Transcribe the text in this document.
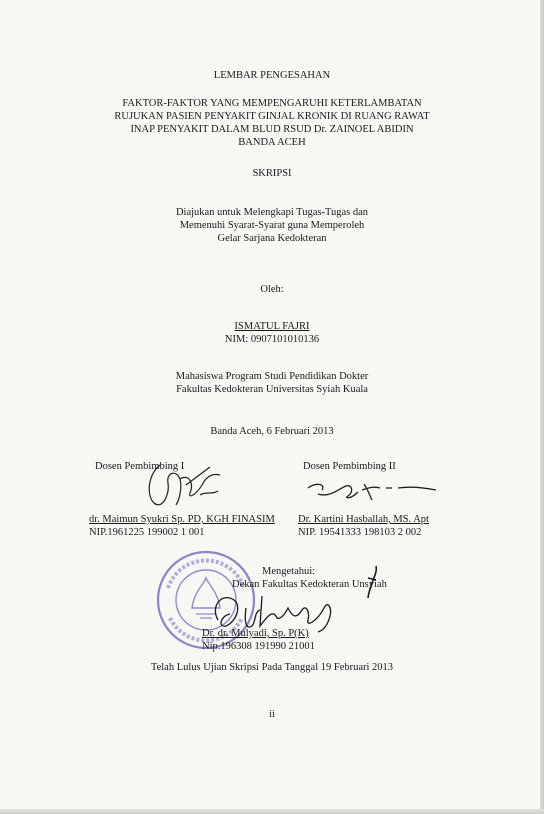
LEMBAR PENGESAHAN
FAKTOR-FAKTOR YANG MEMPENGARUHI KETERLAMBATAN
RUJUKAN PASIEN PENYAKIT GINJAL KRONIK DI RUANG RAWAT
INAP PENYAKIT DALAM BLUD RSUD Dr. ZAINOEL ABIDIN
BANDA ACEH
SKRIPSI
Diajukan untuk Melengkapi Tugas-Tugas dan
Memenuhi Syarat-Syarat guna Memperoleh
Gelar Sarjana Kedokteran
Oleh:
ISMATUL FAJRI
NIM: 0907101010136
Mahasiswa Program Studi Pendidikan Dokter
Fakultas Kedokteran Universitas Syiah Kuala
Banda Aceh, 6 Februari 2013
Dosen Pembimbing I
dr. Maimun Syukri Sp. PD, KGH FINASIM
NIP.1961225 199002 1 001
Dosen Pembimbing II
Dr. Kartini Hasballah, MS. Apt
NIP. 19541333 198103 2 002
Mengetahui:
Dekan Fakultas Kedokteran Unsyiah
Dr. dr. Mulyadi, Sp. P(K)
Nip.196308 191990 21001
Telah Lulus Ujian Skripsi Pada Tanggal 19 Februari 2013
ii
